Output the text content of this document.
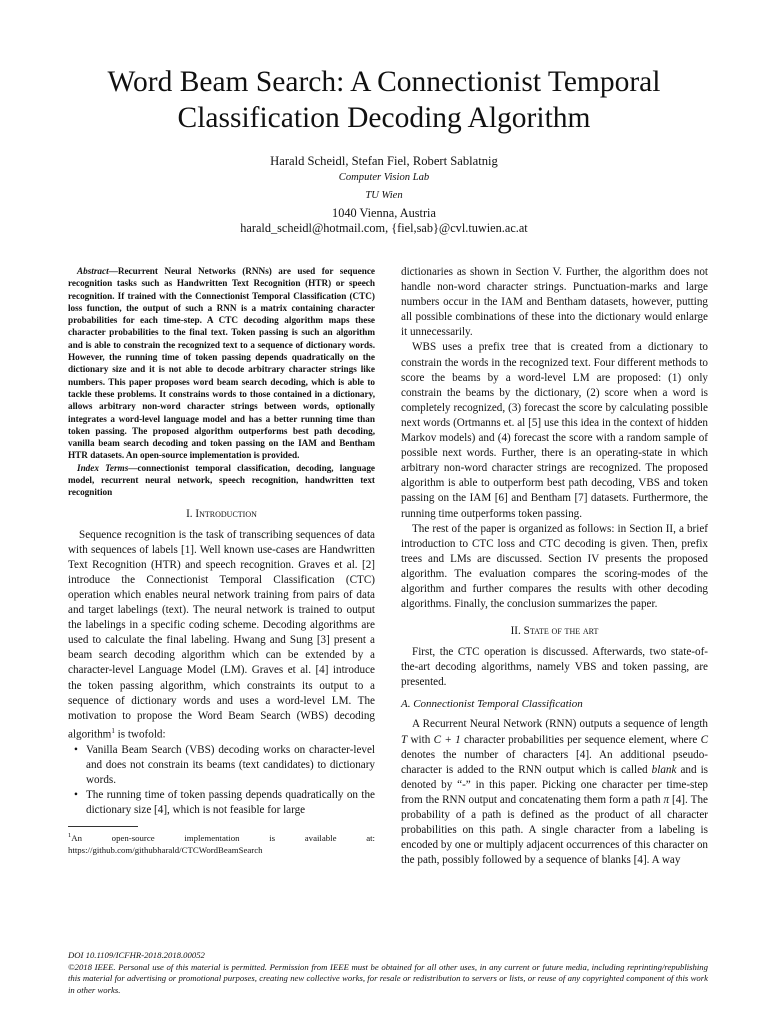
Word Beam Search: A Connectionist Temporal
Classification Decoding Algorithm
Harald Scheidl, Stefan Fiel, Robert Sablatnig
Computer Vision Lab
TU Wien
1040 Vienna, Austria
harald_scheidl@hotmail.com, {fiel,sab}@cvl.tuwien.ac.at

Abstract—Recurrent Neural Networks (RNNs) are used for sequence recognition tasks such as Handwritten Text Recognition (HTR) or speech recognition. If trained with the Connectionist Temporal Classification (CTC) loss function, the output of such a RNN is a matrix containing character probabilities for each time-step. A CTC decoding algorithm maps these character probabilities to the final text. Token passing is such an algorithm and is able to constrain the recognized text to a sequence of dictionary words. However, the running time of token passing depends quadratically on the dictionary size and it is not able to decode arbitrary character strings like numbers. This paper proposes word beam search decoding, which is able to tackle these problems. It constrains words to those contained in a dictionary, allows arbitrary non-word character strings between words, optionally integrates a word-level language model and has a better running time than token passing. The proposed algorithm outperforms best path decoding, vanilla beam search decoding and token passing on the IAM and Bentham HTR datasets. An open-source implementation is provided.

Index Terms—connectionist temporal classification, decoding, language model, recurrent neural network, speech recognition, handwritten text recognition

I. Introduction

Sequence recognition is the task of transcribing sequences of data with sequences of labels [1]. Well known use-cases are Handwritten Text Recognition (HTR) and speech recognition. Graves et al. [2] introduce the Connectionist Temporal Classification (CTC) operation which enables neural network training from pairs of data and target labelings (text). The neural network is trained to output the labelings in a specific coding scheme. Decoding algorithms are used to calculate the final labeling. Hwang and Sung [3] present a beam search decoding algorithm which can be extended by a character-level Language Model (LM). Graves et al. [4] introduce the token passing algorithm, which constraints its output to a sequence of dictionary words and uses a word-level LM. The motivation to propose the Word Beam Search (WBS) decoding algorithm$^1$ is twofold:

• Vanilla Beam Search (VBS) decoding works on character-level and does not constrain its beams (text candidates) to dictionary words.
• The running time of token passing depends quadratically on the dictionary size [4], which is not feasible for large
$^1$An open-source implementation is available at: https://github.com/githubharald/CTCWordBeamSearch

dictionaries as shown in Section V. Further, the algorithm does not handle non-word character strings. Punctuation-marks and large numbers occur in the IAM and Bentham datasets, however, putting all possible combinations of these into the dictionary would enlarge it unnecessarily.

WBS uses a prefix tree that is created from a dictionary to constrain the words in the recognized text. Four different methods to score the beams by a word-level LM are proposed: (1) only constrain the beams by the dictionary, (2) score when a word is completely recognized, (3) forecast the score by calculating possible next words (Ortmanns et. al [5] use this idea in the context of hidden Markov models) and (4) forecast the score with a random sample of possible next words. Further, there is an operating-state in which arbitrary non-word character strings are recognized. The proposed algorithm is able to outperform best path decoding, VBS and token passing on the IAM [6] and Bentham [7] datasets. Furthermore, the running time outperforms token passing.

The rest of the paper is organized as follows: in Section II, a brief introduction to CTC loss and CTC decoding is given. Then, prefix trees and LMs are discussed. Section IV presents the proposed algorithm. The evaluation compares the scoring-modes of the algorithm and further compares the results with other decoding algorithms. Finally, the conclusion summarizes the paper.

II. State of the art

First, the CTC operation is discussed. Afterwards, two state-of-the-art decoding algorithms, namely VBS and token passing, are presented.

A. Connectionist Temporal Classification

A Recurrent Neural Network (RNN) outputs a sequence of length T with C + 1 character probabilities per sequence element, where C denotes the number of characters [4]. An additional pseudo-character is added to the RNN output which is called blank and is denoted by “-” in this paper. Picking one character per time-step from the RNN output and concatenating them form a path π [4]. The probability of a path is defined as the product of all character probabilities on this path. A single character from a labeling is encoded by one or multiply adjacent occurrences of this character on the path, possibly followed by a sequence of blanks [4]. A way

DOI 10.1109/ICFHR-2018.2018.00052
©2018 IEEE. Personal use of this material is permitted. Permission from IEEE must be obtained for all other uses, in any current or future media, including reprinting/republishing this material for advertising or promotional purposes, creating new collective works, for resale or redistribution to servers or lists, or reuse of any copyrighted component of this work in other works.
